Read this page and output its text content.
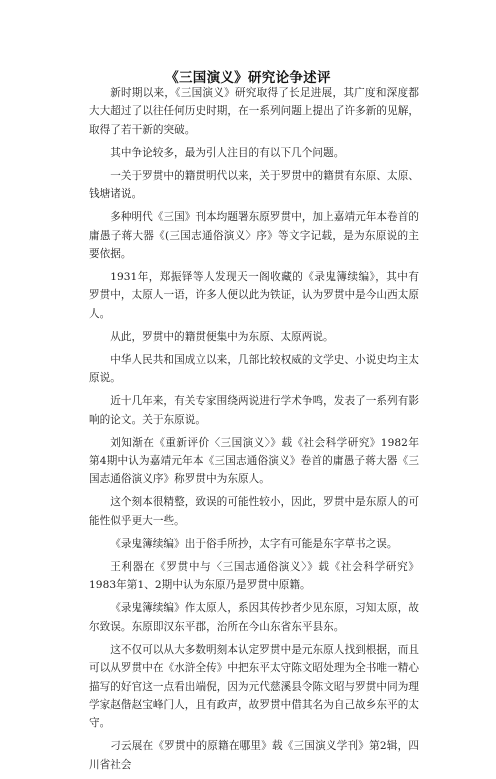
《三国演义》研究论争述评

新时期以来，《三国演义》研究取得了长足进展，其广度和深度都大大超过了以往任何历史时期，在一系列问题上提出了许多新的见解，取得了若干新的突破。

其中争论较多，最为引人注目的有以下几个问题。

一关于罗贯中的籍贯明代以来，关于罗贯中的籍贯有东原、太原、钱塘诸说。

多种明代《三国》刊本均题署东原罗贯中，加上嘉靖元年本卷首的庸愚子蒋大器《(三国志通俗演义〉序》等文字记载，是为东原说的主要依据。

1931年，郑振铎等人发现天一阁收藏的《录鬼簿续编》，其中有罗贯中，太原人一语，许多人便以此为铁证，认为罗贯中是今山西太原人。

从此，罗贯中的籍贯便集中为东原、太原两说。

中华人民共和国成立以来，几部比较权威的文学史、小说史均主太原说。

近十几年来，有关专家围绕两说进行学术争鸣，发表了一系列有影响的论文。关于东原说。

刘知渐在《重新评价〈三国演义〉》载《社会科学研究》1982年第4期中认为嘉靖元年本《三国志通俗演义》卷首的庸愚子蒋大器《三国志通俗演义序》称罗贯中为东原人。

这个刻本很精整，致误的可能性较小，因此，罗贯中是东原人的可能性似乎更大一些。

《录鬼簿续编》出于俗手所抄，太字有可能是东字草书之误。

王利器在《罗贯中与〈三国志通俗演义〉》载《社会科学研究》1983年第1、2期中认为东原乃是罗贯中原籍。

《录鬼簿续编》作太原人，系因其传抄者少见东原，习知太原，故尔致误。东原即汉东平郡，治所在今山东省东平县东。

这不仅可以从大多数明刻本认定罗贯中是元东原人找到根据，而且可以从罗贯中在《水浒全传》中把东平太守陈文昭处理为全书唯一精心描写的好官这一点看出端倪，因为元代慈溪县令陈文昭与罗贯中同为理学家赵偕赵宝峰门人，且有政声，故罗贯中借其名为自己故乡东平的太守。

刁云展在《罗贯中的原籍在哪里》载《三国演义学刊》第2辑，四川省社会
